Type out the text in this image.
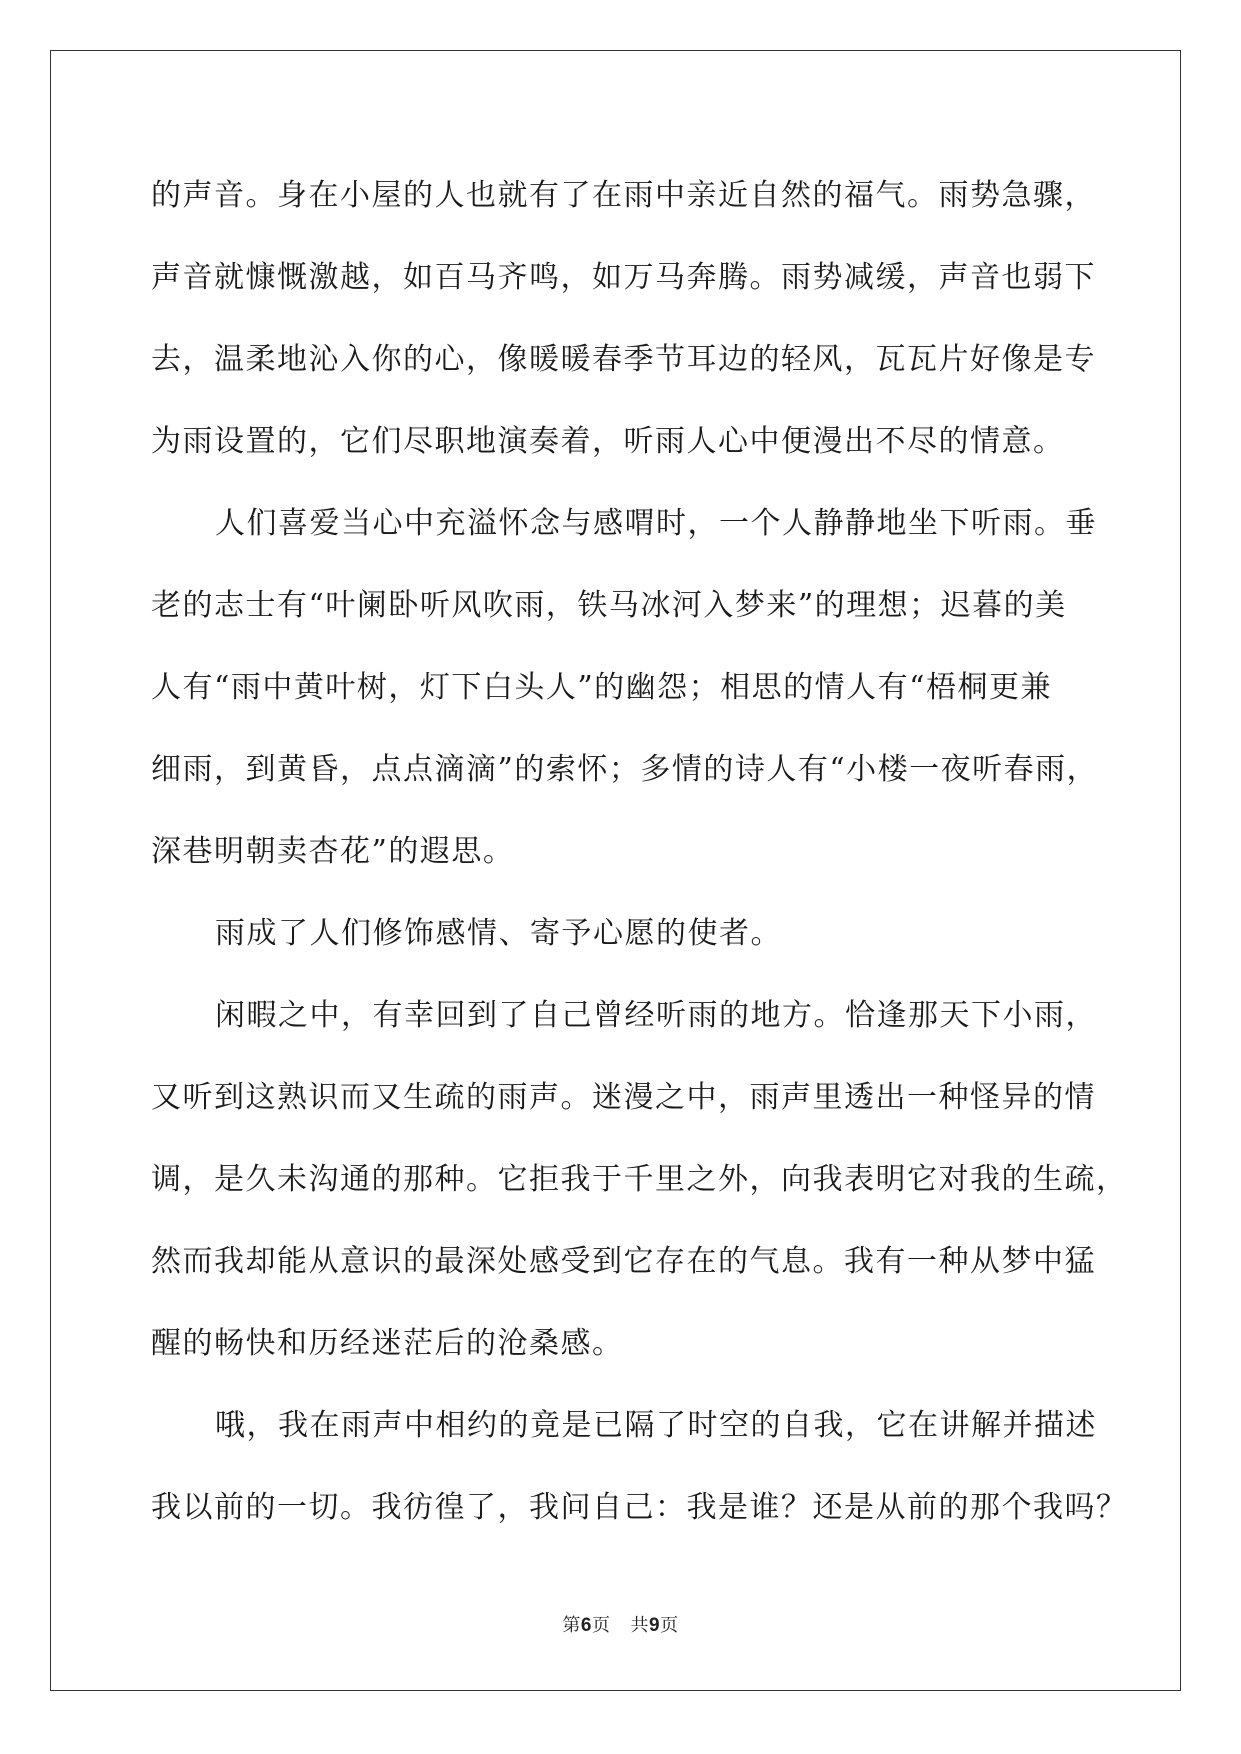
的声音。身在小屋的人也就有了在雨中亲近自然的福气。雨势急骤，
声音就慷慨激越，如百马齐鸣，如万马奔腾。雨势减缓，声音也弱下
去，温柔地沁入你的心，像暖暖春季节耳边的轻风，瓦瓦片好像是专
为雨设置的，它们尽职地演奏着，听雨人心中便漫出不尽的情意。

人们喜爱当心中充溢怀念与感喟时，一个人静静地坐下听雨。垂
老的志士有“叶阑卧听风吹雨，铁马冰河入梦来”的理想；迟暮的美
人有“雨中黄叶树，灯下白头人”的幽怨；相思的情人有“梧桐更兼
细雨，到黄昏，点点滴滴”的索怀；多情的诗人有“小楼一夜听春雨，
深巷明朝卖杏花”的遐思。

雨成了人们修饰感情、寄予心愿的使者。

闲暇之中，有幸回到了自己曾经听雨的地方。恰逢那天下小雨，
又听到这熟识而又生疏的雨声。迷漫之中，雨声里透出一种怪异的情
调，是久未沟通的那种。它拒我于千里之外，向我表明它对我的生疏，
然而我却能从意识的最深处感受到它存在的气息。我有一种从梦中猛
醒的畅快和历经迷茫后的沧桑感。

哦，我在雨声中相约的竟是已隔了时空的自我，它在讲解并描述
我以前的一切。我彷徨了，我问自己：我是谁？还是从前的那个我吗？

第6页 共9页
